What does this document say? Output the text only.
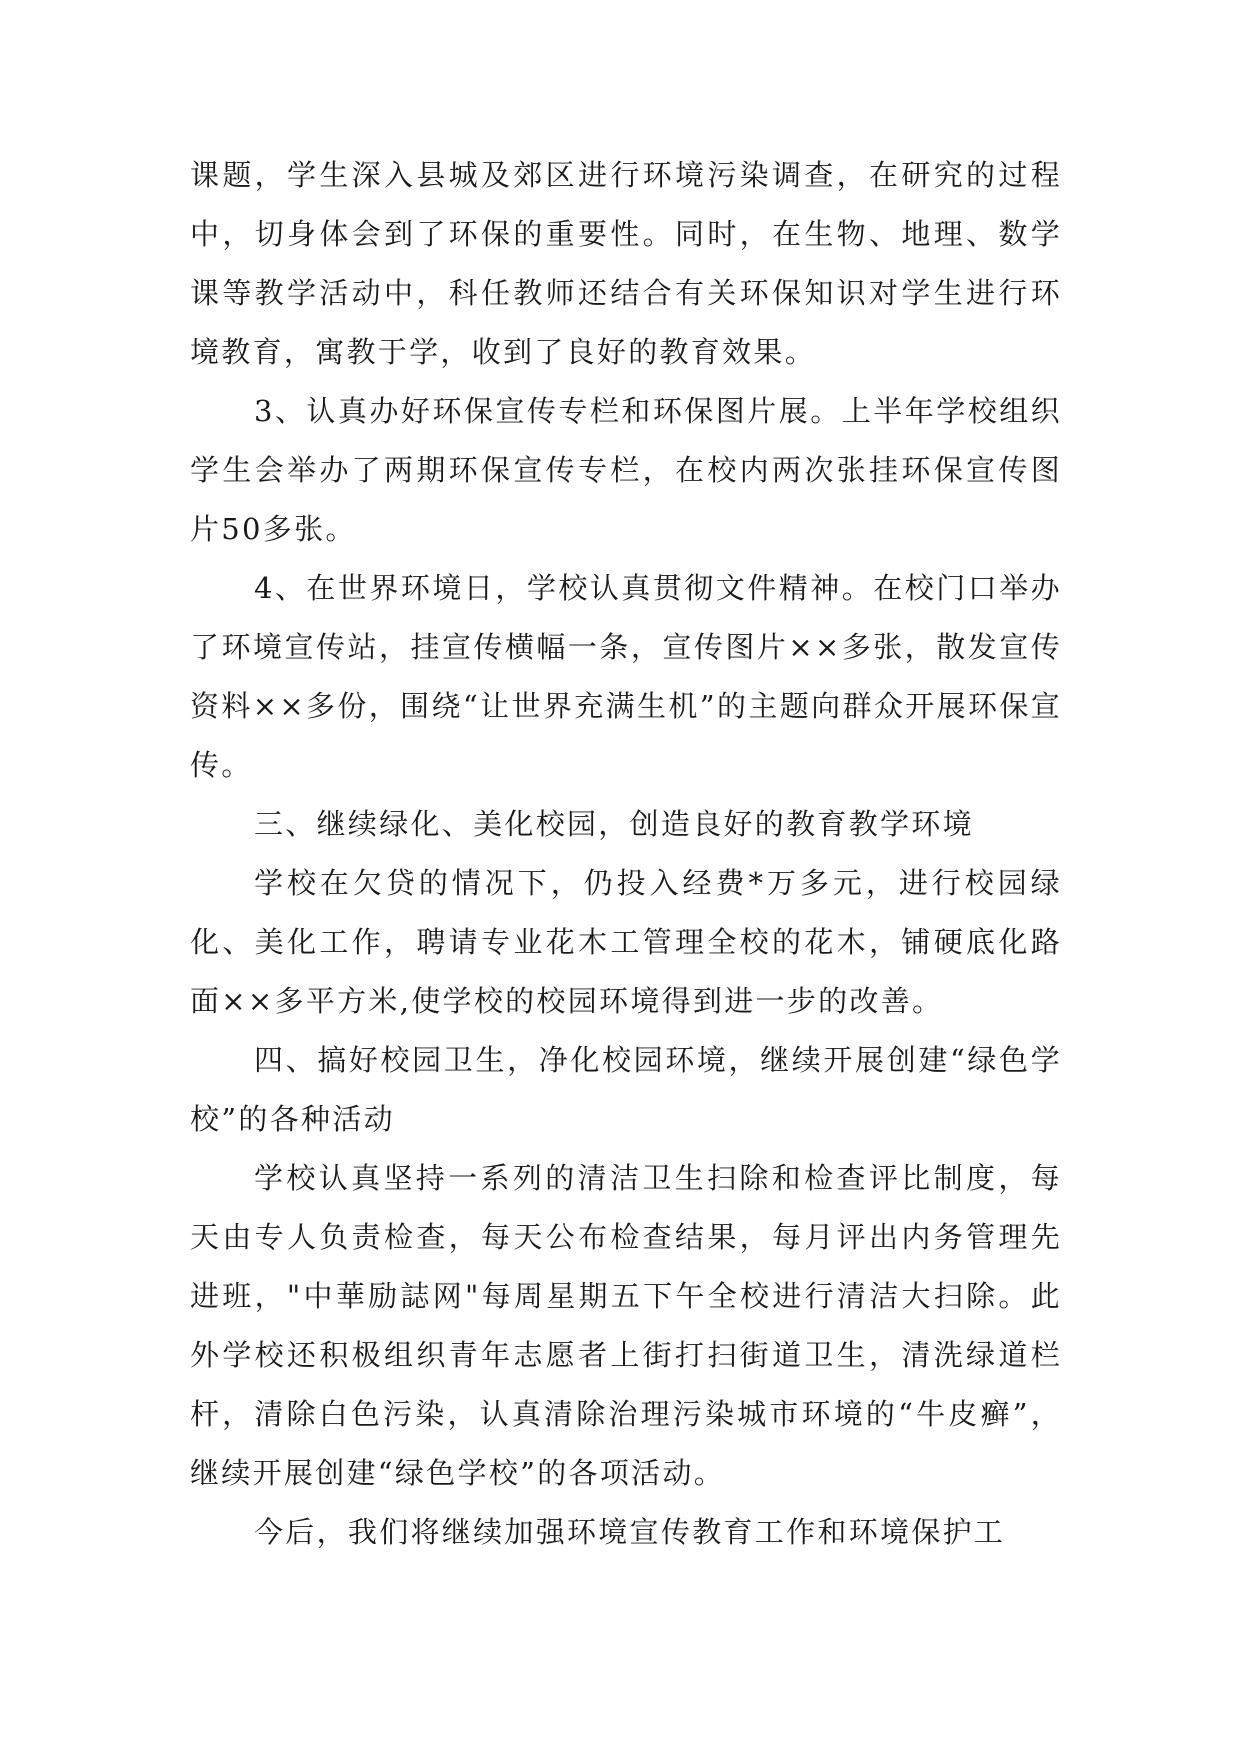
课题，学生深入县城及郊区进行环境污染调查，在研究的过程中，切身体会到了环保的重要性。同时，在生物、地理、数学课等教学活动中，科任教师还结合有关环保知识对学生进行环境教育，寓教于学，收到了良好的教育效果。

3、认真办好环保宣传专栏和环保图片展。上半年学校组织学生会举办了两期环保宣传专栏，在校内两次张挂环保宣传图片50多张。

4、在世界环境日，学校认真贯彻文件精神。在校门口举办了环境宣传站，挂宣传横幅一条，宣传图片××多张，散发宣传资料××多份，围绕“让世界充满生机”的主题向群众开展环保宣传。

三、继续绿化、美化校园，创造良好的教育教学环境

学校在欠贷的情况下，仍投入经费*万多元，进行校园绿化、美化工作，聘请专业花木工管理全校的花木，铺硬底化路面××多平方米,使学校的校园环境得到进一步的改善。

四、搞好校园卫生，净化校园环境，继续开展创建“绿色学校”的各种活动

学校认真坚持一系列的清洁卫生扫除和检查评比制度，每天由专人负责检查，每天公布检查结果，每月评出内务管理先进班，"中華励誌网"每周星期五下午全校进行清洁大扫除。此外学校还积极组织青年志愿者上街打扫街道卫生，清洗绿道栏杆，清除白色污染，认真清除治理污染城市环境的“牛皮癣”，继续开展创建“绿色学校”的各项活动。

今后，我们将继续加强环境宣传教育工作和环境保护工
